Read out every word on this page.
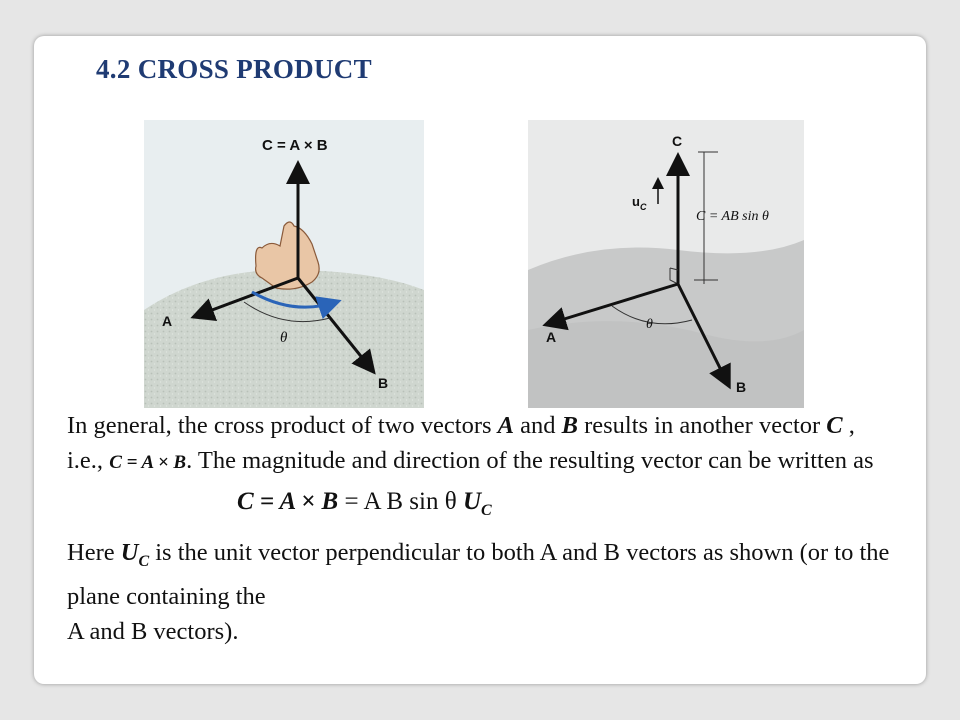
4.2 CROSS PRODUCT
C = A × B
A
B
θ
C
$u_C$
C = AB sin θ
A
B
θ

In general, the cross product of two vectors A and B results in another vector C , i.e., C = A × B. The magnitude and direction of the resulting vector can be written as

C = A × B = A B sin θ $U_C$

Here $U_C$ is the unit vector perpendicular to both A and B vectors as shown (or to the plane containing the
A and B vectors).
